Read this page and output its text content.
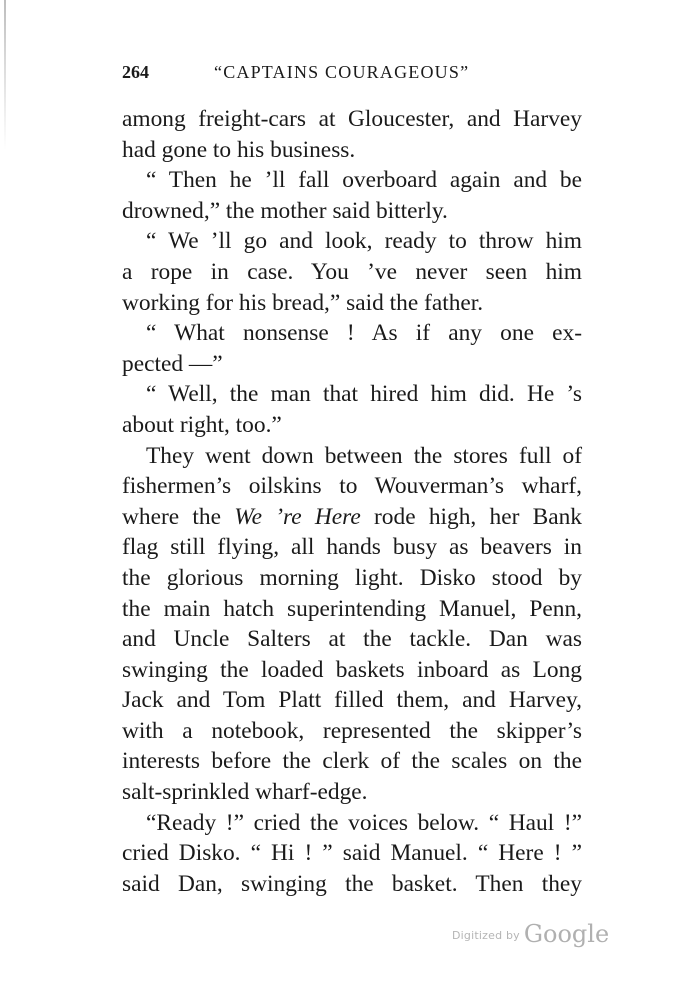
264	“CAPTAINS COURAGEOUS”
among freight-cars at Gloucester, and Harvey
had gone to his business.
“ Then he ’ll fall overboard again and be
drowned,” the mother said bitterly.
“ We ’ll go and look, ready to throw him
a rope in case. You ’ve never seen him
working for his bread,” said the father.
“ What nonsense ! As if any one ex-
pected —”
“ Well, the man that hired him did. He ’s
about right, too.”
They went down between the stores full of
fishermen’s oilskins to Wouverman’s wharf,
where the We ’re Here rode high, her Bank
flag still flying, all hands busy as beavers in
the glorious morning light. Disko stood by
the main hatch superintending Manuel, Penn,
and Uncle Salters at the tackle. Dan was
swinging the loaded baskets inboard as Long
Jack and Tom Platt filled them, and Harvey,
with a notebook, represented the skipper’s
interests before the clerk of the scales on the
salt-sprinkled wharf-edge.
“Ready !” cried the voices below. “ Haul !”
cried Disko. “ Hi ! ” said Manuel. “ Here ! ”
said Dan, swinging the basket. Then they
Digitized by Google
